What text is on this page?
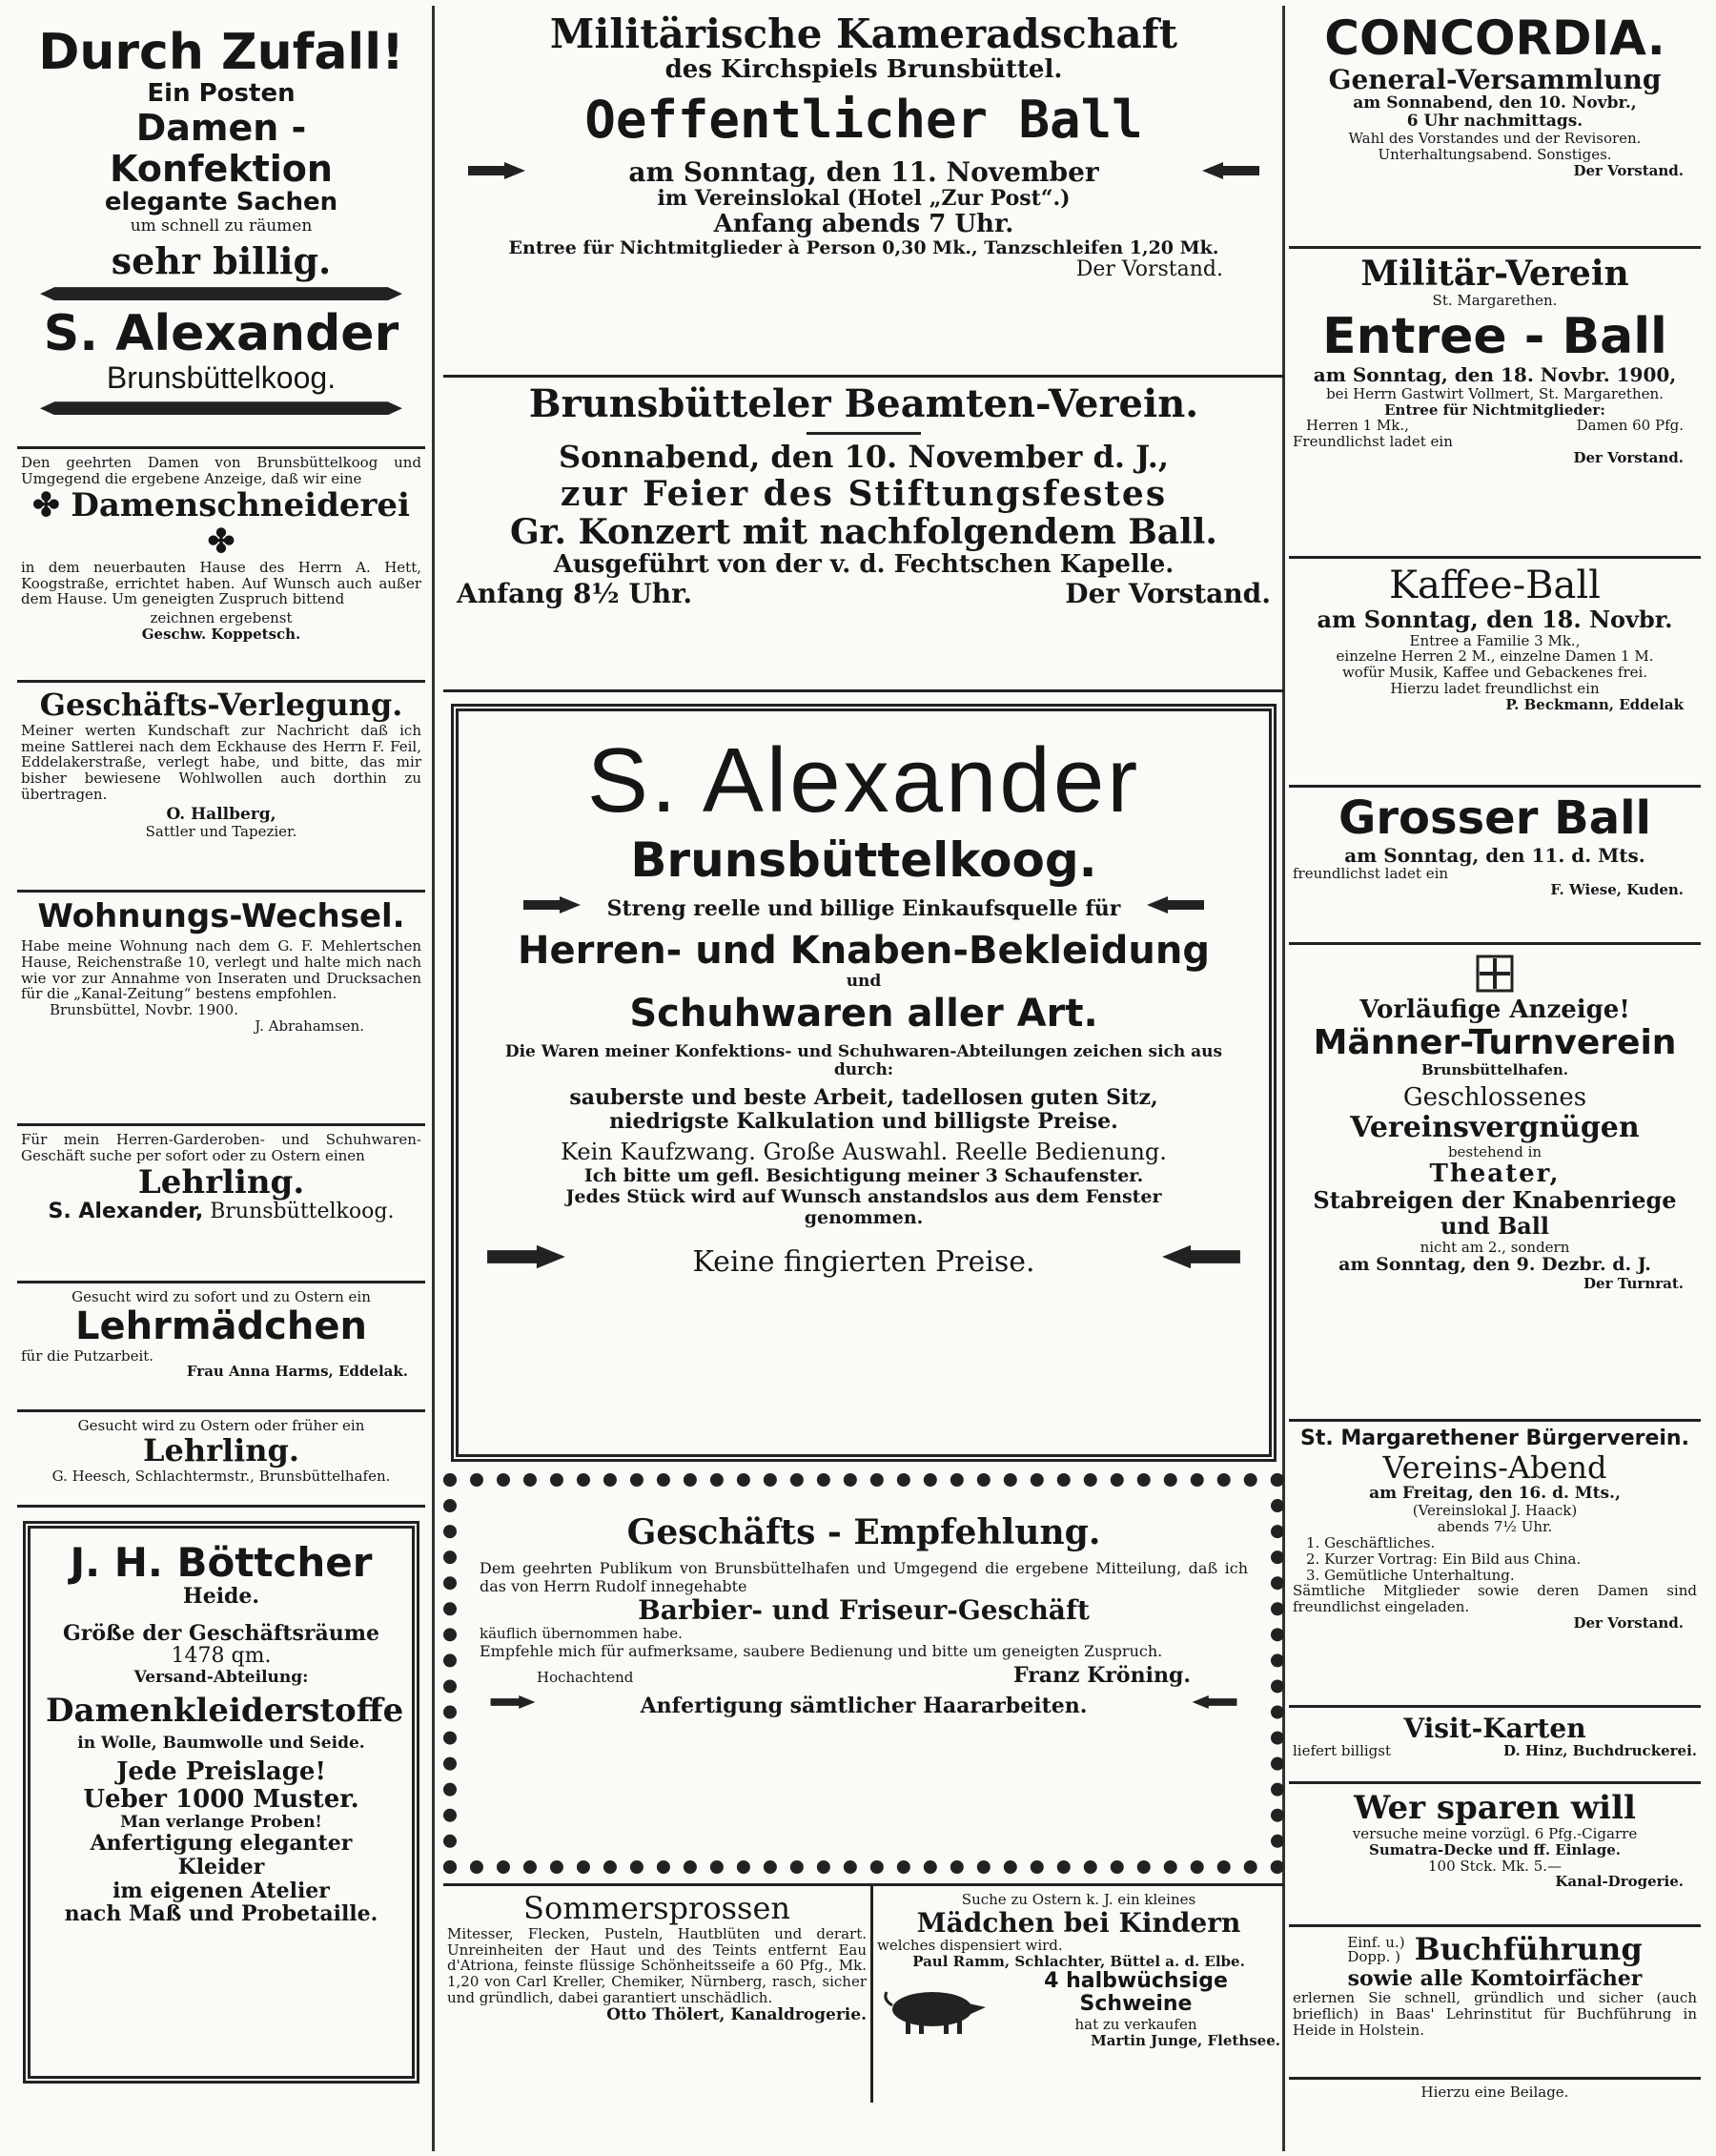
Durch Zufall!
Ein Posten
Damen - Konfektion
elegante Sachen
um schnell zu räumen
sehr billig.
S. Alexander
Brunsbüttelkoog.
Den geehrten Damen von Brunsbüttelkoog und Umgegend die ergebene Anzeige, daß wir eine
✤ Damenschneiderei ✤
in dem neuerbauten Hause des Herrn A. Hett, Koogstraße, errichtet haben. Auf Wunsch auch außer dem Hause. Um geneigten Zuspruch bittend
zeichnen ergebenst
Geschw. Koppetsch.
Geschäfts-Verlegung.
Meiner werten Kundschaft zur Nachricht daß ich meine Sattlerei nach dem Eckhause des Herrn F. Feil, Eddelakerstraße, verlegt habe, und bitte, das mir bisher bewiesene Wohlwollen auch dorthin zu übertragen.
O. Hallberg,
Sattler und Tapezier.
Wohnungs-Wechsel.
Habe meine Wohnung nach dem G. F. Mehlertschen Hause, Reichenstraße 10, verlegt und halte mich nach wie vor zur Annahme von Inseraten und Drucksachen für die „Kanal-Zeitung“ bestens empfohlen.
Brunsbüttel, Novbr. 1900.
J. Abrahamsen.
Für mein Herren-Garderoben- und Schuhwaren-Geschäft suche per sofort oder zu Ostern einen
Lehrling.
S. Alexander, Brunsbüttelkoog.
Gesucht wird zu sofort und zu Ostern ein
Lehrmädchen
für die Putzarbeit.
Frau Anna Harms, Eddelak.
Gesucht wird zu Ostern oder früher ein
Lehrling.
G. Heesch, Schlachtermstr., Brunsbüttelhafen.
J. H. Böttcher
Heide.
Größe der Geschäftsräume
1478 qm.
Versand-Abteilung:
Damenkleiderstoffe
in Wolle, Baumwolle und Seide.
Jede Preislage!
Ueber 1000 Muster.
Man verlange Proben!
Anfertigung eleganter Kleider
im eigenen Atelier
nach Maß und Probetaille.
Militärische Kameradschaft
des Kirchspiels Brunsbüttel.
Oeffentlicher Ball
am Sonntag, den 11. November
im Vereinslokal (Hotel „Zur Post“.)
Anfang abends 7 Uhr.
Entree für Nichtmitglieder à Person 0,30 Mk., Tanzschleifen 1,20 Mk.
Der Vorstand.
Brunsbütteler Beamten-Verein.
Sonnabend, den 10. November d. J.,
zur Feier des Stiftungsfestes
Gr. Konzert mit nachfolgendem Ball.
Ausgeführt von der v. d. Fechtschen Kapelle.
Anfang 8½ Uhr.	Der Vorstand.
S. Alexander
Brunsbüttelkoog.
Streng reelle und billige Einkaufsquelle für
Herren- und Knaben-Bekleidung
und
Schuhwaren aller Art.
Die Waren meiner Konfektions- und Schuhwaren-Abteilungen zeichen sich aus durch:
sauberste und beste Arbeit, tadellosen guten Sitz,
niedrigste Kalkulation und billigste Preise.
Kein Kaufzwang. Große Auswahl. Reelle Bedienung.
Ich bitte um gefl. Besichtigung meiner 3 Schaufenster.
Jedes Stück wird auf Wunsch anstandslos aus dem Fenster genommen.
Keine fingierten Preise.
Geschäfts - Empfehlung.
Dem geehrten Publikum von Brunsbüttelhafen und Umgegend die ergebene Mitteilung, daß ich das von Herrn Rudolf innegehabte
Barbier- und Friseur-Geschäft
käuflich übernommen habe.
Empfehle mich für aufmerksame, saubere Bedienung und bitte um geneigten Zuspruch.
Hochachtend	Franz Kröning.
Anfertigung sämtlicher Haararbeiten.
Sommersprossen
Mitesser, Flecken, Pusteln, Hautblüten und derart. Unreinheiten der Haut und des Teints entfernt Eau d'Atriona, feinste flüssige Schönheitsseife a 60 Pfg., Mk. 1,20 von Carl Kreller, Chemiker, Nürnberg, rasch, sicher und gründlich, dabei garantiert unschädlich.
Otto Thölert, Kanaldrogerie.
Suche zu Ostern k. J. ein kleines
Mädchen bei Kindern
welches dispensiert wird.
Paul Ramm, Schlachter, Büttel a. d. Elbe.
4 halbwüchsige Schweine
hat zu verkaufen
Martin Junge, Flethsee.
CONCORDIA.
General-Versammlung
am Sonnabend, den 10. Novbr.,
6 Uhr nachmittags.
Wahl des Vorstandes und der Revisoren.
Unterhaltungsabend. Sonstiges.
Der Vorstand.
Militär-Verein
St. Margarethen.
Entree - Ball
am Sonntag, den 18. Novbr. 1900,
bei Herrn Gastwirt Vollmert, St. Margarethen.
Entree für Nichtmitglieder:
Herren 1 Mk.,	Damen 60 Pfg.
Freundlichst ladet ein
Der Vorstand.
Kaffee-Ball
am Sonntag, den 18. Novbr.
Entree a Familie 3 Mk.,
einzelne Herren 2 M., einzelne Damen 1 M.
wofür Musik, Kaffee und Gebackenes frei.
Hierzu ladet freundlichst ein
P. Beckmann, Eddelak
Grosser Ball
am Sonntag, den 11. d. Mts.
freundlichst ladet ein
F. Wiese, Kuden.
Vorläufige Anzeige!
Männer-Turnverein
Brunsbüttelhafen.
Geschlossenes
Vereinsvergnügen
bestehend in
Theater,
Stabreigen der Knabenriege
und Ball
nicht am 2., sondern
am Sonntag, den 9. Dezbr. d. J.
Der Turnrat.
St. Margarethener Bürgerverein.
Vereins-Abend
am Freitag, den 16. d. Mts.,
(Vereinslokal J. Haack)
abends 7½ Uhr.
1. Geschäftliches.
2. Kurzer Vortrag: Ein Bild aus China.
3. Gemütliche Unterhaltung.
Sämtliche Mitglieder sowie deren Damen sind freundlichst eingeladen.
Der Vorstand.
Visit-Karten
liefert billigst	D. Hinz, Buchdruckerei.
Wer sparen will
versuche meine vorzügl. 6 Pfg.-Cigarre
Sumatra-Decke und ff. Einlage.
100 Stck. Mk. 5.—
Kanal-Drogerie.
Einf. u.)
Dopp. ) Buchführung
sowie alle Komtoirfächer
erlernen Sie schnell, gründlich und sicher (auch brieflich) in Baas' Lehrinstitut für Buchführung in Heide in Holstein.
Hierzu eine Beilage.
